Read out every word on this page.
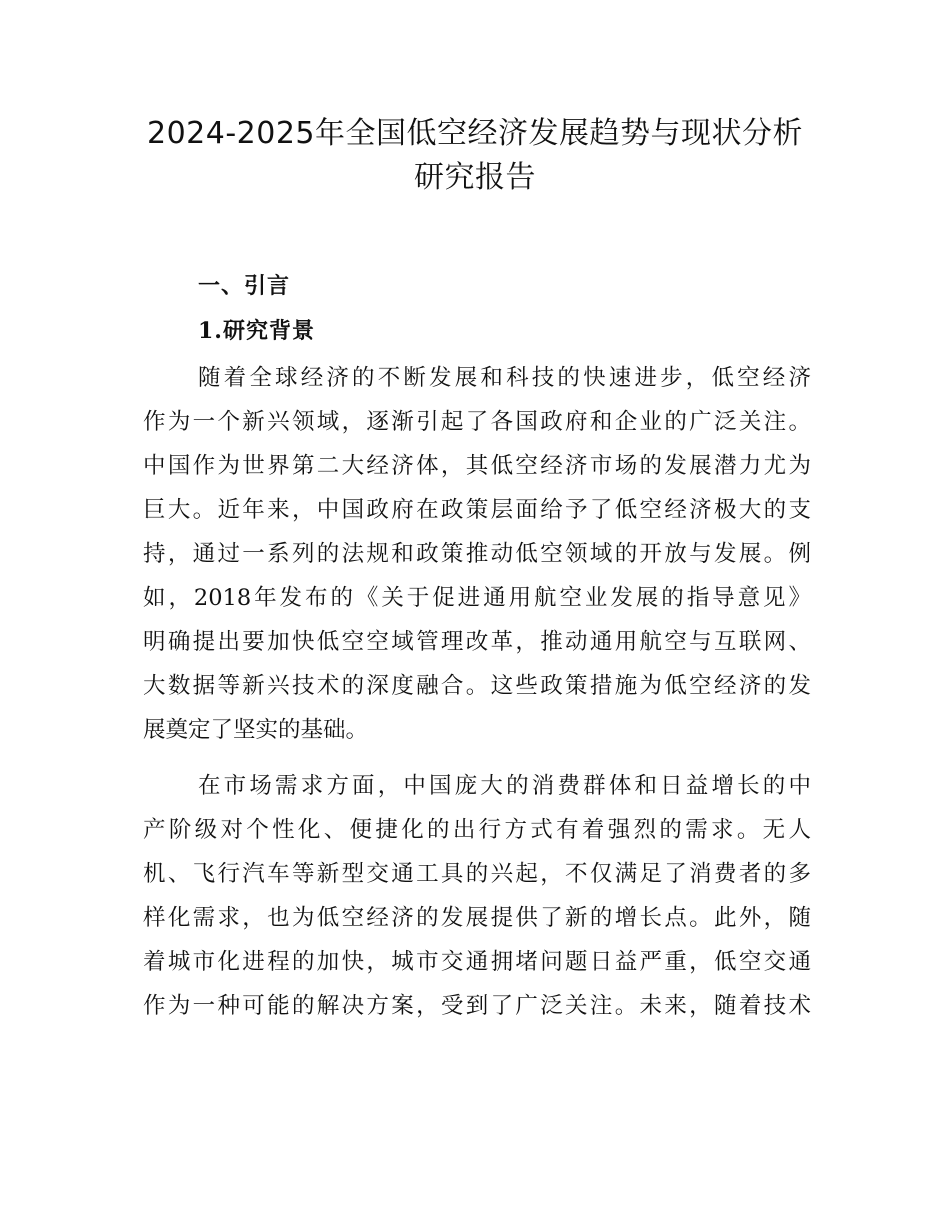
2024-2025年全国低空经济发展趋势与现状分析
研究报告
一、引言
1.研究背景
随着全球经济的不断发展和科技的快速进步，低空经济
作为一个新兴领域，逐渐引起了各国政府和企业的广泛关注。
中国作为世界第二大经济体，其低空经济市场的发展潜力尤为
巨大。近年来，中国政府在政策层面给予了低空经济极大的支
持，通过一系列的法规和政策推动低空领域的开放与发展。例
如，2018年发布的《关于促进通用航空业发展的指导意见》
明确提出要加快低空空域管理改革，推动通用航空与互联网、
大数据等新兴技术的深度融合。这些政策措施为低空经济的发
展奠定了坚实的基础。
在市场需求方面，中国庞大的消费群体和日益增长的中
产阶级对个性化、便捷化的出行方式有着强烈的需求。无人
机、飞行汽车等新型交通工具的兴起，不仅满足了消费者的多
样化需求，也为低空经济的发展提供了新的增长点。此外，随
着城市化进程的加快，城市交通拥堵问题日益严重，低空交通
作为一种可能的解决方案，受到了广泛关注。未来，随着技术
